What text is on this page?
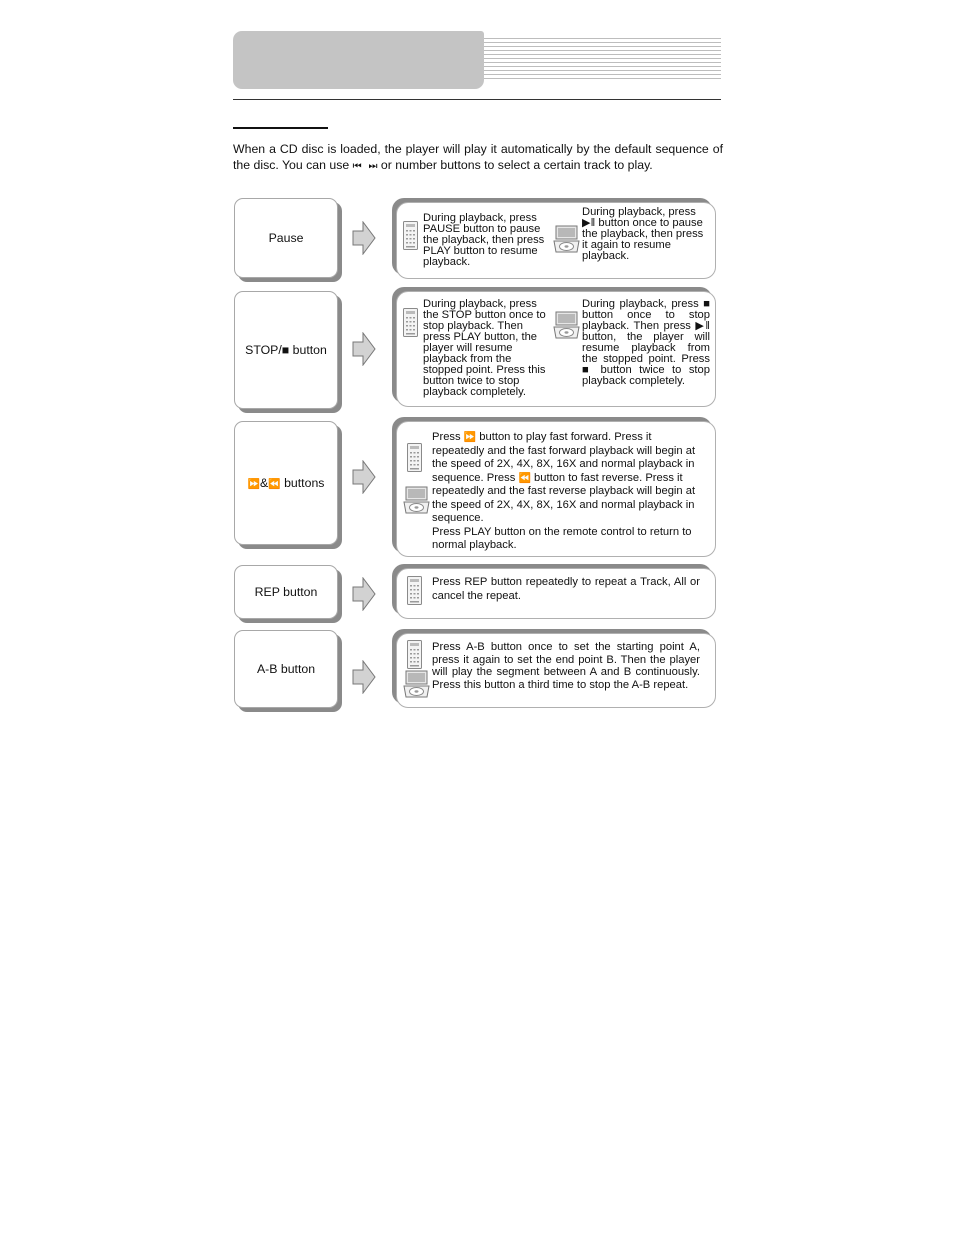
When a CD disc is loaded, the player will play it automatically by the default sequence of the disc. You can use ⏮ ⏭ or number buttons to select a certain track to play.

Pause
During playback, press PAUSE button to pause the playback, then press PLAY button to resume playback.
During playback, press ▶‖ button once to pause the playback, then press it again to resume playback.
STOP/■ button
During playback, press the STOP button once to stop playback. Then press PLAY button, the player will resume playback from the stopped point. Press this button twice to stop playback completely.
During playback, press ■ button once to stop playback. Then press ▶‖ button, the player will resume playback from the stopped point. Press ■ button twice to stop playback completely.
⏩&⏪ buttons
Press ⏩ button to play fast forward. Press it repeatedly and the fast forward playback will begin at the speed of 2X, 4X, 8X, 16X and normal playback in sequence. Press ⏪ button to fast reverse. Press it repeatedly and the fast reverse playback will begin at the speed of 2X, 4X, 8X, 16X and normal playback in sequence.
Press PLAY button on the remote control to return to normal playback.
REP button
Press REP button repeatedly to repeat a Track, All or cancel the repeat.
A-B button
Press A-B button once to set the starting point A, press it again to set the end point B. Then the player will play the segment between A and B continuously. Press this button a third time to stop the A-B repeat.
